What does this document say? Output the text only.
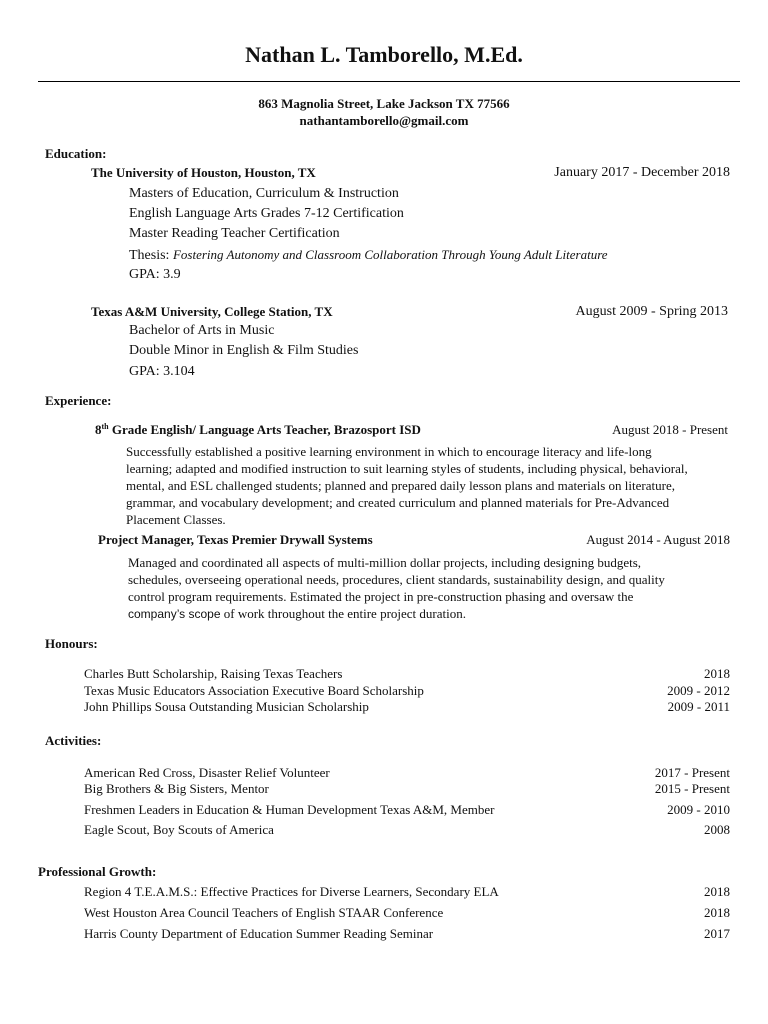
Nathan L. Tamborello, M.Ed.
863 Magnolia Street, Lake Jackson TX 77566
nathantamborello@gmail.com
Education:
The University of Houston, Houston, TX	January 2017 - December 2018
Masters of Education, Curriculum & Instruction
English Language Arts Grades 7-12 Certification
Master Reading Teacher Certification
Thesis: Fostering Autonomy and Classroom Collaboration Through Young Adult Literature
GPA: 3.9
Texas A&M University, College Station, TX	August 2009 - Spring 2013
Bachelor of Arts in Music
Double Minor in English & Film Studies
GPA: 3.104
Experience:
8th Grade English/ Language Arts Teacher, Brazosport ISD	August 2018 - Present
Successfully established a positive learning environment in which to encourage literacy and life-long
learning; adapted and modified instruction to suit learning styles of students, including physical, behavioral,
mental, and ESL challenged students; planned and prepared daily lesson plans and materials on literature,
grammar, and vocabulary development; and created curriculum and planned materials for Pre-Advanced
Placement Classes.
Project Manager, Texas Premier Drywall Systems	August 2014 - August 2018
Managed and coordinated all aspects of multi-million dollar projects, including designing budgets,
schedules, overseeing operational needs, procedures, client standards, sustainability design, and quality
control program requirements. Estimated the project in pre-construction phasing and oversaw the
company’s scope of work throughout the entire project duration.
Honours:
Charles Butt Scholarship, Raising Texas Teachers	2018
Texas Music Educators Association Executive Board Scholarship	2009 - 2012
John Phillips Sousa Outstanding Musician Scholarship	2009 - 2011
Activities:
American Red Cross, Disaster Relief Volunteer	2017 - Present
Big Brothers & Big Sisters, Mentor	2015 - Present
Freshmen Leaders in Education & Human Development Texas A&M, Member	2009 - 2010
Eagle Scout, Boy Scouts of America	2008
Professional Growth:
Region 4 T.E.A.M.S.: Effective Practices for Diverse Learners, Secondary ELA	2018
West Houston Area Council Teachers of English STAAR Conference	2018
Harris County Department of Education Summer Reading Seminar	2017
